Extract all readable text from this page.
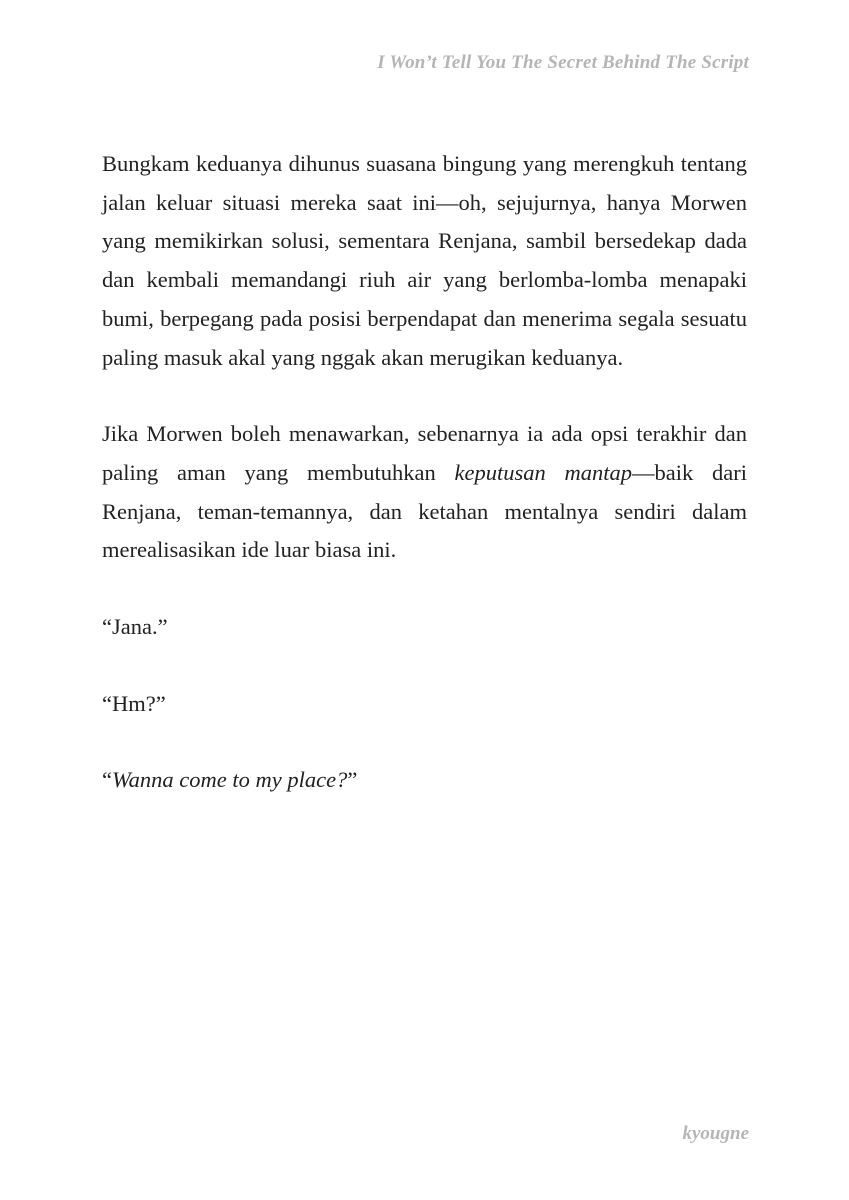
I Won’t Tell You The Secret Behind The Script

Bungkam keduanya dihunus suasana bingung yang merengkuh tentang jalan keluar situasi mereka saat ini—oh, sejujurnya, hanya Morwen yang memikirkan solusi, sementara Renjana, sambil bersedekap dada dan kembali memandangi riuh air yang berlomba-lomba menapaki bumi, berpegang pada posisi berpendapat dan menerima segala sesuatu paling masuk akal yang nggak akan merugikan keduanya.

Jika Morwen boleh menawarkan, sebenarnya ia ada opsi terakhir dan paling aman yang membutuhkan keputusan mantap—baik dari Renjana, teman-temannya, dan ketahan mentalnya sendiri dalam merealisasikan ide luar biasa ini.

“Jana.”

“Hm?”

“Wanna come to my place?”

kyougne
